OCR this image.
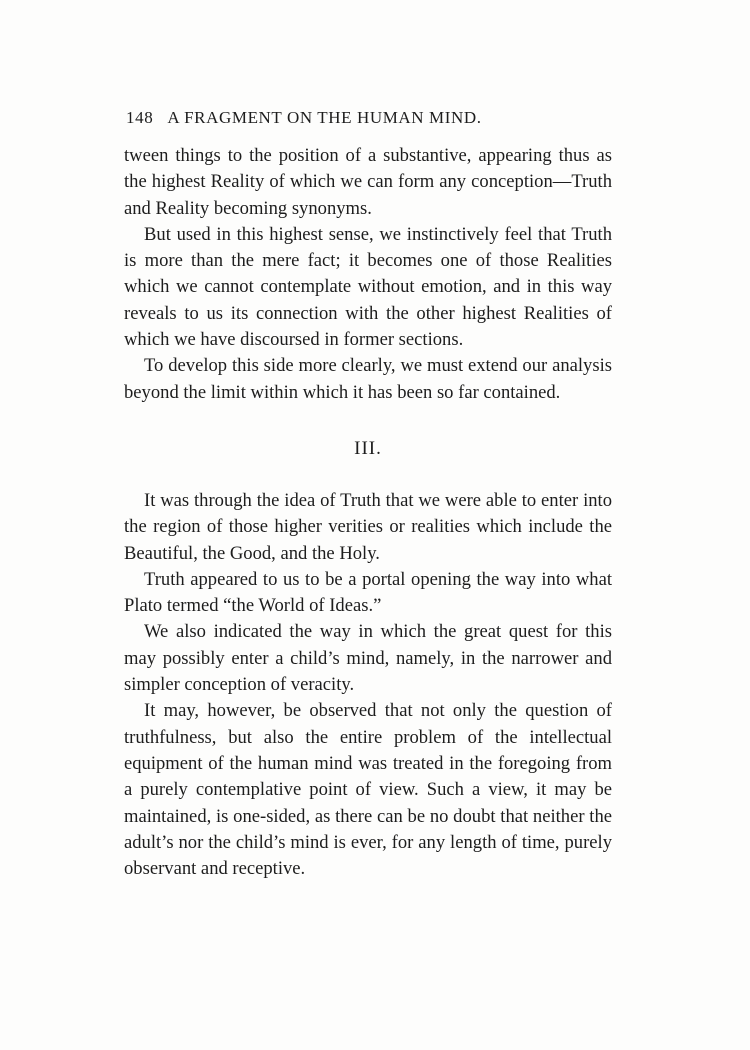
148 A FRAGMENT ON THE HUMAN MIND.

tween things to the position of a substantive, appearing thus as the highest Reality of which we can form any conception—Truth and Reality becoming synonyms.

But used in this highest sense, we instinctively feel that Truth is more than the mere fact; it becomes one of those Realities which we cannot contemplate without emotion, and in this way reveals to us its connection with the other highest Realities of which we have discoursed in former sections.

To develop this side more clearly, we must extend our analysis beyond the limit within which it has been so far contained.

III.

It was through the idea of Truth that we were able to enter into the region of those higher verities or realities which include the Beautiful, the Good, and the Holy.

Truth appeared to us to be a portal opening the way into what Plato termed “the World of Ideas.”

We also indicated the way in which the great quest for this may possibly enter a child’s mind, namely, in the narrower and simpler conception of veracity.

It may, however, be observed that not only the question of truthfulness, but also the entire problem of the intellectual equipment of the human mind was treated in the foregoing from a purely contemplative point of view. Such a view, it may be maintained, is one-sided, as there can be no doubt that neither the adult’s nor the child’s mind is ever, for any length of time, purely observant and receptive.
